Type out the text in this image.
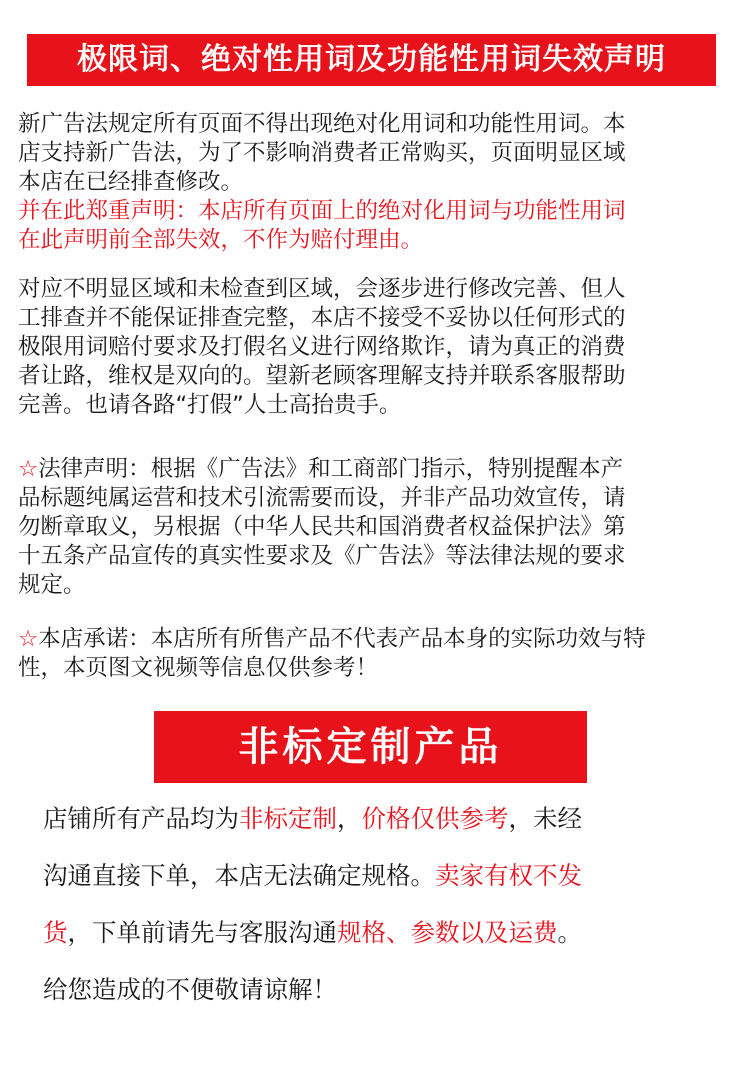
极限词、绝对性用词及功能性用词失效声明
新广告法规定所有页面不得出现绝对化用词和功能性用词。本
店支持新广告法，为了不影响消费者正常购买，页面明显区域
本店在已经排查修改。
并在此郑重声明：本店所有页面上的绝对化用词与功能性用词
在此声明前全部失效，不作为赔付理由。
对应不明显区域和未检查到区域，会逐步进行修改完善、但人
工排查并不能保证排查完整，本店不接受不妥协以任何形式的
极限用词赔付要求及打假名义进行网络欺诈，请为真正的消费
者让路，维权是双向的。望新老顾客理解支持并联系客服帮助
完善。也请各路“打假”人士高抬贵手。
☆法律声明：根据《广告法》和工商部门指示，特别提醒本产
品标题纯属运营和技术引流需要而设，并非产品功效宣传，请
勿断章取义，另根据（中华人民共和国消费者权益保护法》第
十五条产品宣传的真实性要求及《广告法》等法律法规的要求
规定。
☆本店承诺：本店所有所售产品不代表产品本身的实际功效与特
性，本页图文视频等信息仅供参考！
非标定制产品
店铺所有产品均为非标定制，价格仅供参考，未经
沟通直接下单，本店无法确定规格。卖家有权不发
货，下单前请先与客服沟通规格、参数以及运费。
给您造成的不便敬请谅解！
